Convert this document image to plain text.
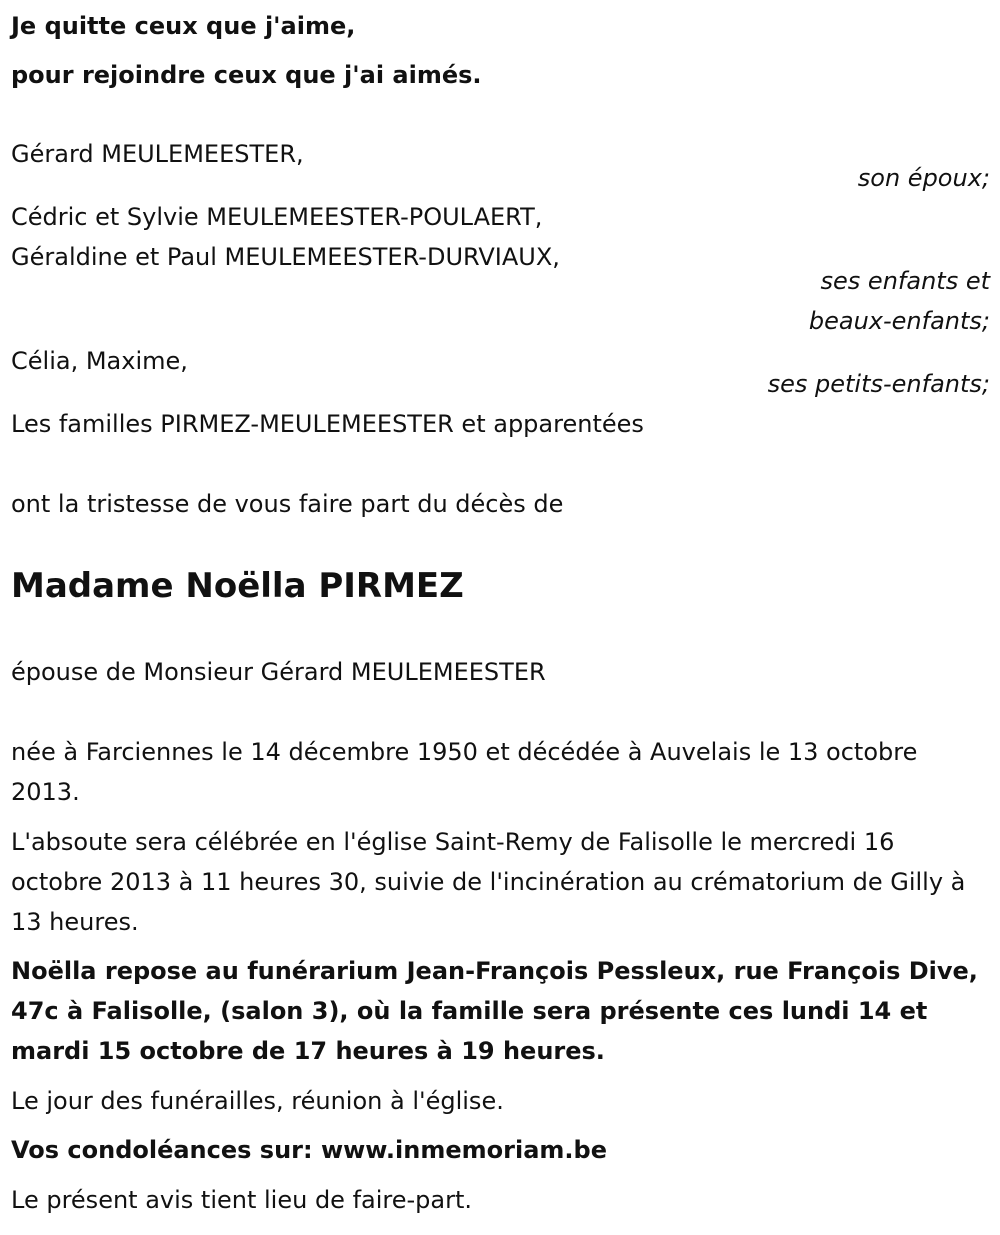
Je quitte ceux que j'aime,

pour rejoindre ceux que j'ai aimés.

Gérard MEULEMEESTER,

son époux;

Cédric et Sylvie MEULEMEESTER-POULAERT,

Géraldine et Paul MEULEMEESTER-DURVIAUX,

ses enfants et

beaux-enfants;

Célia, Maxime,

ses petits-enfants;

Les familles PIRMEZ-MEULEMEESTER et apparentées

ont la tristesse de vous faire part du décès de

Madame Noëlla PIRMEZ

épouse de Monsieur Gérard MEULEMEESTER

née à Farciennes le 14 décembre 1950 et décédée à Auvelais le 13 octobre 2013.

L'absoute sera célébrée en l'église Saint-Remy de Falisolle le mercredi 16 octobre 2013 à 11 heures 30, suivie de l'incinération au crématorium de Gilly à 13 heures.

Noëlla repose au funérarium Jean-François Pessleux, rue François Dive, 47c à Falisolle, (salon 3), où la famille sera présente ces lundi 14 et mardi 15 octobre de 17 heures à 19 heures.

Le jour des funérailles, réunion à l'église.

Vos condoléances sur: www.inmemoriam.be

Le présent avis tient lieu de faire-part.
